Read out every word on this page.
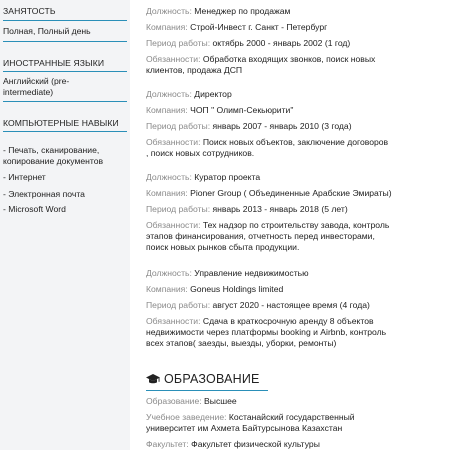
ЗАНЯТОСТЬ
Полная, Полный день
ИНОСТРАННЫЕ ЯЗЫКИ
Английский (pre-
intermediate)
КОМПЬЮТЕРНЫЕ НАВЫКИ
- Печать, сканирование,
копирование документов
- Интернет
- Электронная почта
- Microsoft Word
Должность: Менеджер по продажам
Компания: Строй-Инвест г. Санкт - Петербург
Период работы: октябрь 2000 - январь 2002 (1 год)
Обязанности: Обработка входящих звонков, поиск новых
клиентов, продажа ДСП
Должность: Директор
Компания: ЧОП " Олимп-Секьюрити"
Период работы: январь 2007 - январь 2010 (3 года)
Обязанности: Поиск новых объектов, заключение договоров
, поиск новых сотрудников.
Должность: Куратор проекта
Компания: Pioner Group ( Объединенные Арабские Эмираты)
Период работы: январь 2013 - январь 2018 (5 лет)
Обязанности: Тех надзор по строительству завода, контроль
этапов финансирования, отчетность перед инвесторами,
поиск новых рынков сбыта продукции.
Должность: Управление недвижимостью
Компания: Goneus Holdings limited
Период работы: август 2020 - настоящее время (4 года)
Обязанности: Сдача в краткосрочную аренду 8 объектов
недвижимости через платформы booking и Airbnb, контроль
всех этапов( заезды, выезды, уборки, ремонты)
ОБРАЗОВАНИЕ
Образование: Высшее
Учебное заведение: Костанайский государственный
университет им Ахмета Байтурсынова Казахстан
Факультет: Факультет физической культуры
